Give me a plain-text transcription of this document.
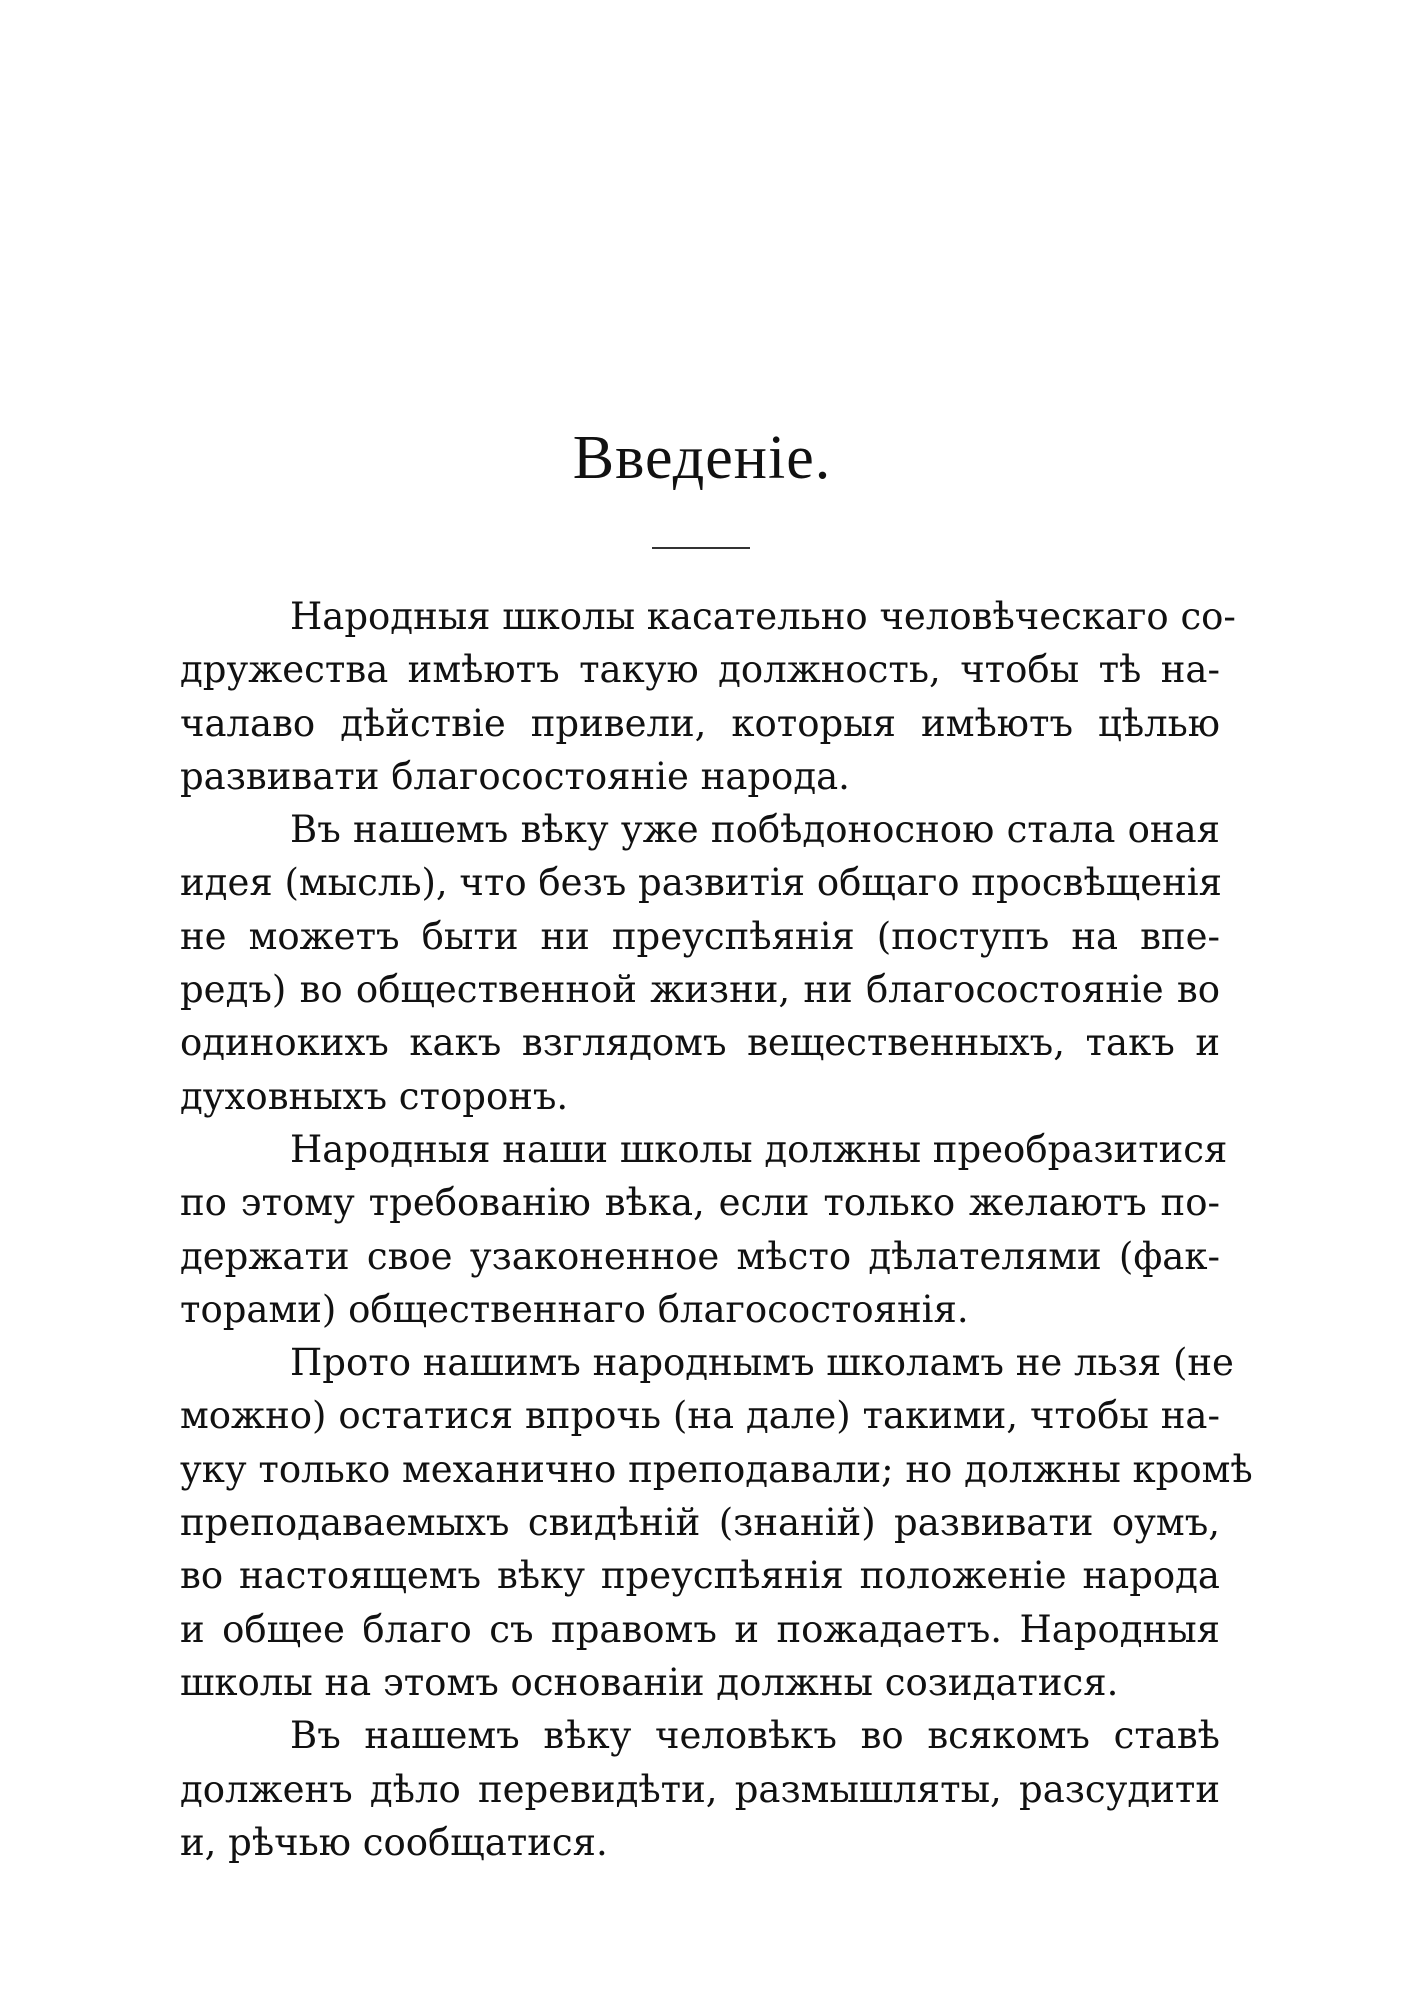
Введеніе.
Народныя школы касательно человѣческаго со-
дружества имѣютъ такую должность, чтобы тѣ на-
чалаво дѣйствіе привели, которыя имѣютъ цѣлью
развивати благосостояніе народа.
Въ нашемъ вѣку уже побѣдоносною стала оная
идея (мысль), что безъ развитія общаго просвѣщенія
не можетъ быти ни преуспѣянія (поступъ на впе-
редъ) во общественной жизни, ни благосостояніе во
одинокихъ какъ взглядомъ вещественныхъ, такъ и
духовныхъ сторонъ.
Народныя наши школы должны преобразитися
по этому требованію вѣка, если только желаютъ по-
держати свое узаконенное мѣсто дѣлателями (фак-
торами) общественнаго благосостоянія.
Прото нашимъ народнымъ школамъ не льзя (не
можно) остатися впрочь (на дале) такими, чтобы на-
уку только механично преподавали; но должны кромѣ
преподаваемыхъ свидѣній (знаній) развивати оумъ,
во настоящемъ вѣку преуспѣянія положеніе народа
и общее благо съ правомъ и пожадаетъ. Народныя
школы на этомъ основаніи должны созидатися.
Въ нашемъ вѣку человѣкъ во всякомъ ставѣ
долженъ дѣло перевидѣти, размышляты, разсудити
и, рѣчью сообщатися.
